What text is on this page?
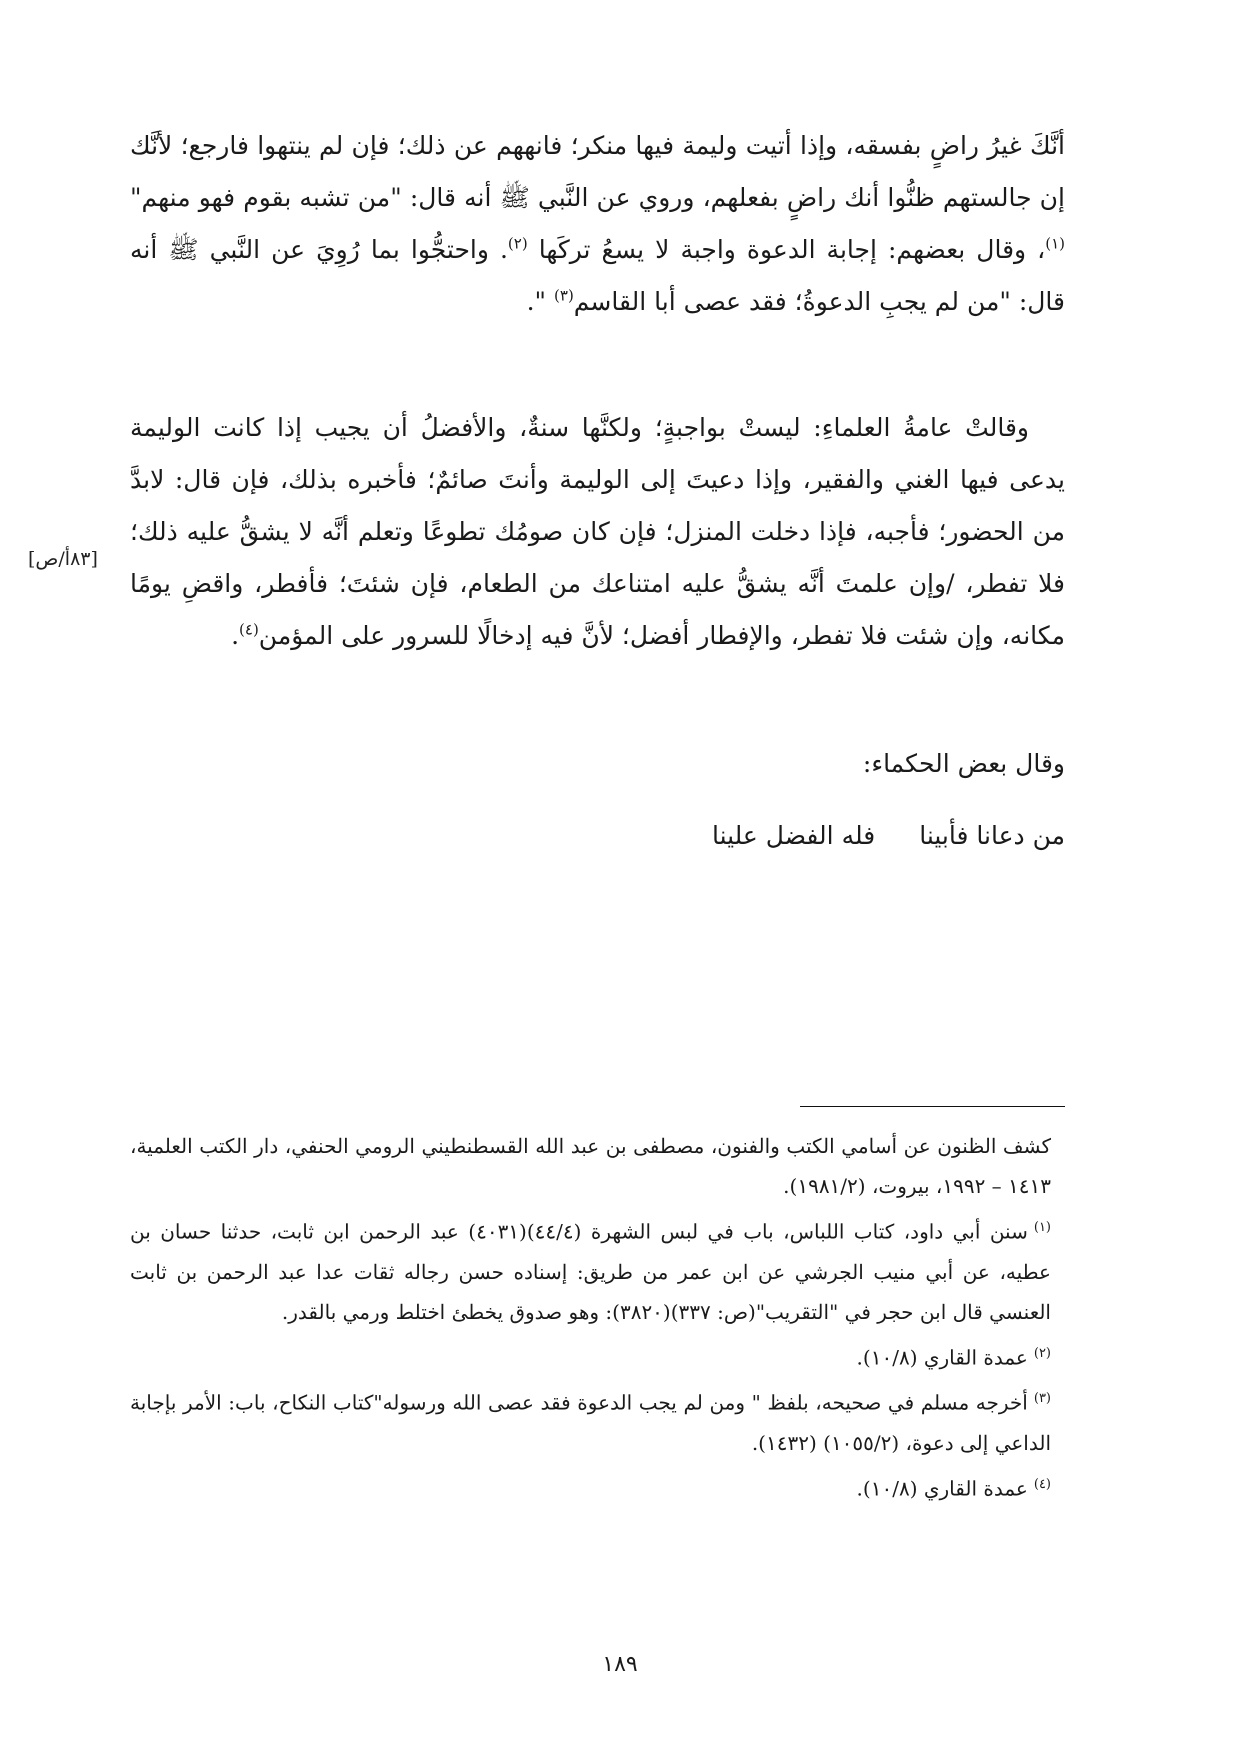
أنَّكَ غيرُ راضٍ بفسقه، وإذا أتيت وليمة فيها منكر؛ فانههم عن ذلك؛ فإن لم ينتهوا فارجع؛ لأنَّك إن جالستهم ظنُّوا أنك راضٍ بفعلهم، وروي عن النَّبي ﷺ أنه قال: "من تشبه بقوم فهو منهم"$^{(١)}$، وقال بعضهم: إجابة الدعوة واجبة لا يسعُ تركَها $^{(٢)}$. واحتجُّوا بما رُوِيَ عن النَّبي ﷺ أنه قال: "من لم يجبِ الدعوةُ؛ فقد عصى أبا القاسم$^{(٣)}$ ".

وقالتْ عامةُ العلماءِ: ليستْ بواجبةٍ؛ ولكنَّها سنةٌ، والأفضلُ أن يجيب إذا كانت الوليمة يدعى فيها الغني والفقير، وإذا دعيتَ إلى الوليمة وأنتَ صائمٌ؛ فأخبره بذلك، فإن قال: لابدَّ من الحضور؛ فأجبه، فإذا دخلت المنزل؛ فإن كان صومُك تطوعًا وتعلم أنَّه لا يشقُّ عليه ذلك؛ فلا تفطر، /وإن علمتَ أنَّه يشقُّ عليه امتناعك من الطعام، فإن شئتَ؛ فأفطر، واقضِ يومًا مكانه، وإن شئت فلا تفطر، والإفطار أفضل؛ لأنَّ فيه إدخالًا للسرور على المؤمن$^{(٤)}$.

[٨٣أ/ص]
وقال بعض الحكماء:
من دعانا فأبينافله الفضل علينا

كشف الظنون عن أسامي الكتب والفنون، مصطفى بن عبد الله القسطنطيني الرومي الحنفي، دار الكتب العلمية، ١٤١٣ – ١٩٩٢، بيروت، (١٩٨١/٢).

$^{(١)}$سنن أبي داود، كتاب اللباس، باب في لبس الشهرة (٤٤/٤)(٤٠٣١) عبد الرحمن ابن ثابت، حدثنا حسان بن عطيه، عن أبي منيب الجرشي عن ابن عمر من طريق: إسناده حسن رجاله ثقات عدا عبد الرحمن بن ثابت العنسي قال ابن حجر في "التقريب"(ص: ٣٣٧)(٣٨٢٠): وهو صدوق يخطئ اختلط ورمي بالقدر.

$^{(٢)}$عمدة القاري (١٠/٨).

$^{(٣)}$أخرجه مسلم في صحيحه، بلفظ " ومن لم يجب الدعوة فقد عصى الله ورسوله"كتاب النكاح، باب: الأمر بإجابة الداعي إلى دعوة، (١٠٥٥/٢) (١٤٣٢).

$^{(٤)}$عمدة القاري (١٠/٨).

١٨٩
